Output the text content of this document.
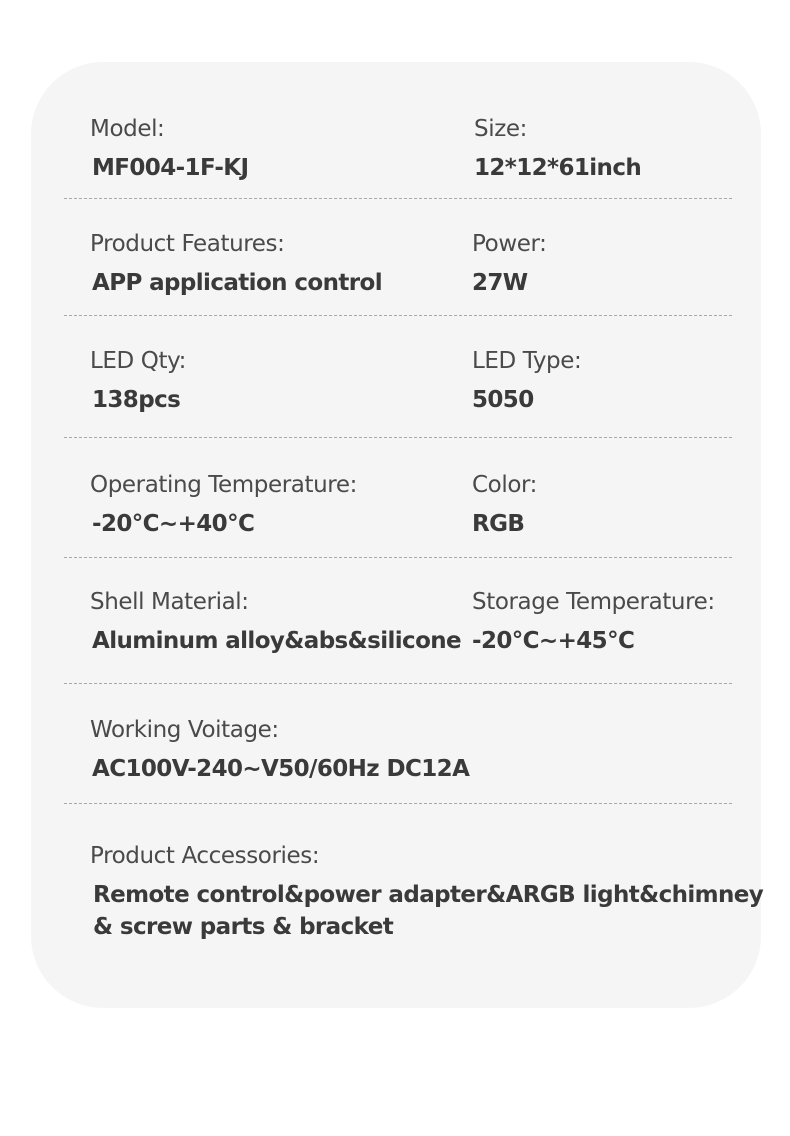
Model:
MF004-1F-KJ
Size:
12*12*61inch
Product Features:
APP application control
Power:
27W
LED Qty:
138pcs
LED Type:
5050
Operating Temperature:
-20°C~+40°C
Color:
RGB
Shell Material:
Aluminum alloy&abs&silicone
Storage Temperature:
-20°C~+45°C
Working Voitage:
AC100V-240~V50/60Hz DC12A
Product Accessories:
Remote control&power adapter&ARGB light&chimney
& screw parts & bracket
